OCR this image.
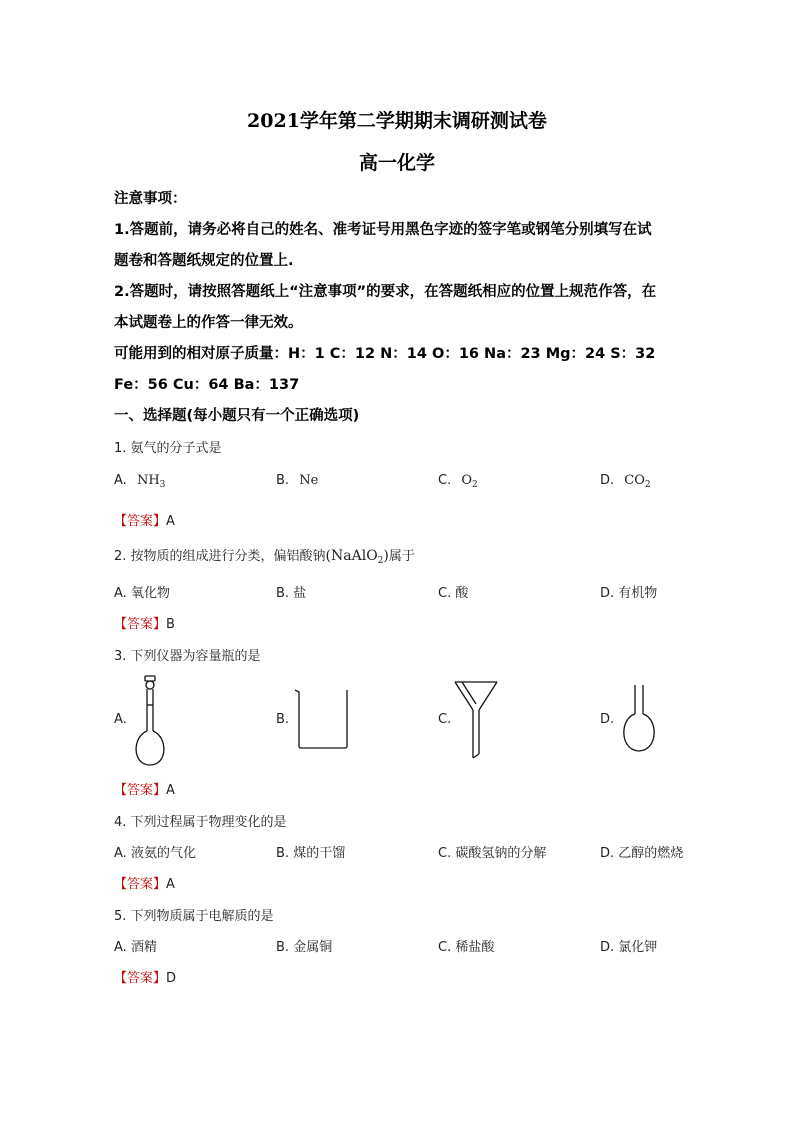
2021学年第二学期期末调研测试卷
高一化学
注意事项：
1.答题前，请务必将自己的姓名、准考证号用黑色字迹的签字笔或钢笔分别填写在试
题卷和答题纸规定的位置上.
2.答题时，请按照答题纸上“注意事项”的要求，在答题纸相应的位置上规范作答，在
本试题卷上的作答一律无效。
可能用到的相对原子质量：H：1 C：12 N：14 O：16 Na：23 Mg：24 S：32
Fe：56 Cu：64 Ba：137
一、选择题(每小题只有一个正确选项)
1. 氨气的分子式是
A. $NH_3$	B. Ne	C. $O_2$	D. $CO_2$
【答案】A
2. 按物质的组成进行分类，偏铝酸钠(NaAlO$_2$)属于
A. 氧化物	B. 盐	C. 酸	D. 有机物
【答案】B
3. 下列仪器为容量瓶的是
A.	B.	C.	D.
【答案】A
4. 下列过程属于物理变化的是
A. 液氨的气化	B. 煤的干馏	C. 碳酸氢钠的分解	D. 乙醇的燃烧
【答案】A
5. 下列物质属于电解质的是
A. 酒精	B. 金属铜	C. 稀盐酸	D. 氯化钾
【答案】D
